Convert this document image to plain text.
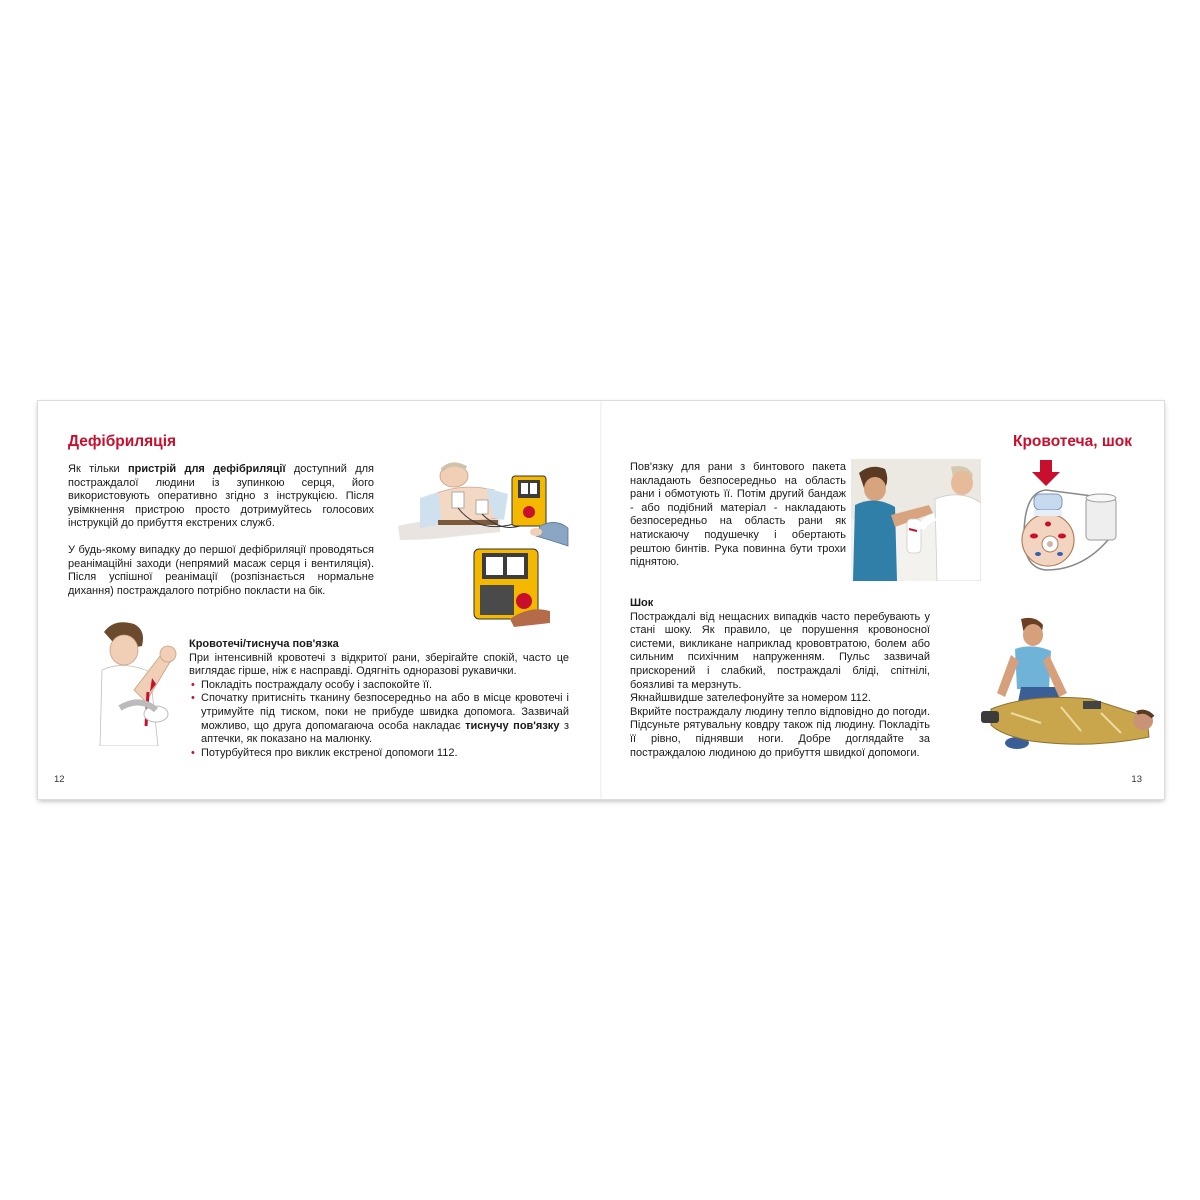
Дефібриляція

Як тільки пристрій для дефібриляції доступний для постраждалої людини із зупинкою серця, його використовують оперативно згідно з інструкцією. Після увімкнення пристрою просто дотримуйтесь голосових інструкцій до прибуття екстрених служб.

У будь-якому випадку до першої дефібриляції проводяться реанімаційні заходи (непрямий масаж серця і вентиляція). Після успішної реанімації (розпізнається нормальне дихання) постраждалого потрібно покласти на бік.

Кровотечі/тиснуча пов'язка

При інтенсивній кровотечі з відкритої рани, зберігайте спокій, часто це виглядає гірше, ніж є насправді. Одягніть одноразові рукавички.

• Покладіть постраждалу особу і заспокойте її.
• Спочатку притисніть тканину безпосередньо на або в місце кровотечі і утримуйте під тиском, поки не прибуде швидка допомога. Зазвичай можливо, що друга допомагаюча особа накладає тиснучу пов'язку з аптечки, як показано на малюнку.
• Потурбуйтеся про виклик екстреної допомоги 112.
12
Кровотеча, шок

Пов'язку для рани з бинтового пакета накладають безпосередньо на область рани і обмотують її. Потім другий бандаж - або подібний матеріал - накладають безпосередньо на область рани як натискаючу подушечку і обертають рештою бинтів. Рука повинна бути трохи піднятою.

Шок

Постраждалі від нещасних випадків часто перебувають у стані шоку. Як правило, це порушення кровоносної системи, викликане наприклад крововтратою, болем або сильним психічним напруженням. Пульс зазвичай прискорений і слабкий, постраждалі бліді, спітнілі, боязливі та мерзнуть.

Якнайшвидше зателефонуйте за номером 112.

Вкрийте постраждалу людину тепло відповідно до погоди. Підсуньте рятувальну ковдру також під людину. Покладіть її рівно, піднявши ноги. Добре доглядайте за постраждалою людиною до прибуття швидкої допомоги.

13
